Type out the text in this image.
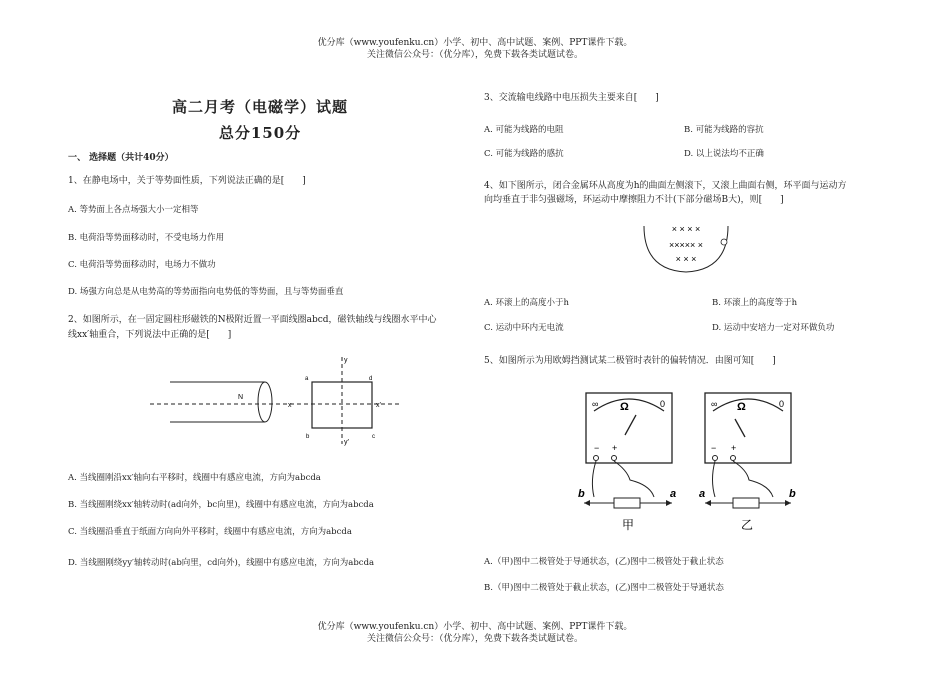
优分库（www.youfenku.cn）小学、初中、高中试题、案例、PPT课件下载。
关注微信公众号：（优分库），免费下载各类试题试卷。
高二月考（电磁学）试题
总分150分
一、 选择题（共计40分）
1、在静电场中，关于等势面性质，下列说法正确的是[　　]
A. 等势面上各点场强大小一定相等
B. 电荷沿等势面移动时，不受电场力作用
C. 电荷沿等势面移动时，电场力不做功
D. 场强方向总是从电势高的等势面指向电势低的等势面，且与等势面垂直
2、如图所示，在一固定圆柱形磁铁的N极附近置一平面线圈abcd，磁铁轴线与线圈水平中心
线xx′轴重合，下列说法中正确的是[　　]
N
x	x′
y
y′
a
b	c
d
A. 当线圈刚沿xx′轴向右平移时，线圈中有感应电流，方向为abcda
B. 当线圈刚绕xx′轴转动时(ad向外，bc向里)，线圈中有感应电流，方向为abcda
C. 当线圈沿垂直于纸面方向向外平移时，线圈中有感应电流，方向为abcda
D. 当线圈刚绕yy′轴转动时(ab向里，cd向外)，线圈中有感应电流，方向为abcda
3、交流输电线路中电压损失主要来自[　　]
A. 可能为线路的电阻	B. 可能为线路的容抗
C. 可能为线路的感抗	D. 以上说法均不正确
4、如下图所示，闭合金属环从高度为h的曲面左侧滚下，又滚上曲面右侧，环平面与运动方
向均垂直于非匀强磁场，环运动中摩擦阻力不计(下部分磁场B大)，则[　　]
× × × ×
××××× ×
× × ×
A. 环滚上的高度小于h	B. 环滚上的高度等于h
C. 运动中环内无电流	D. 运动中安培力一定对环做负功
5、如图所示为用欧姆挡测试某二极管时表针的偏转情况．由图可知[　　]
∞ Ω	0
− +
b	a
甲
∞ Ω	0
− +
a	b
乙
A.（甲)图中二极管处于导通状态，(乙)图中二极管处于截止状态
B.（甲)图中二极管处于截止状态，(乙)图中二极管处于导通状态
优分库（www.youfenku.cn）小学、初中、高中试题、案例、PPT课件下载。
关注微信公众号：（优分库），免费下载各类试题试卷。
